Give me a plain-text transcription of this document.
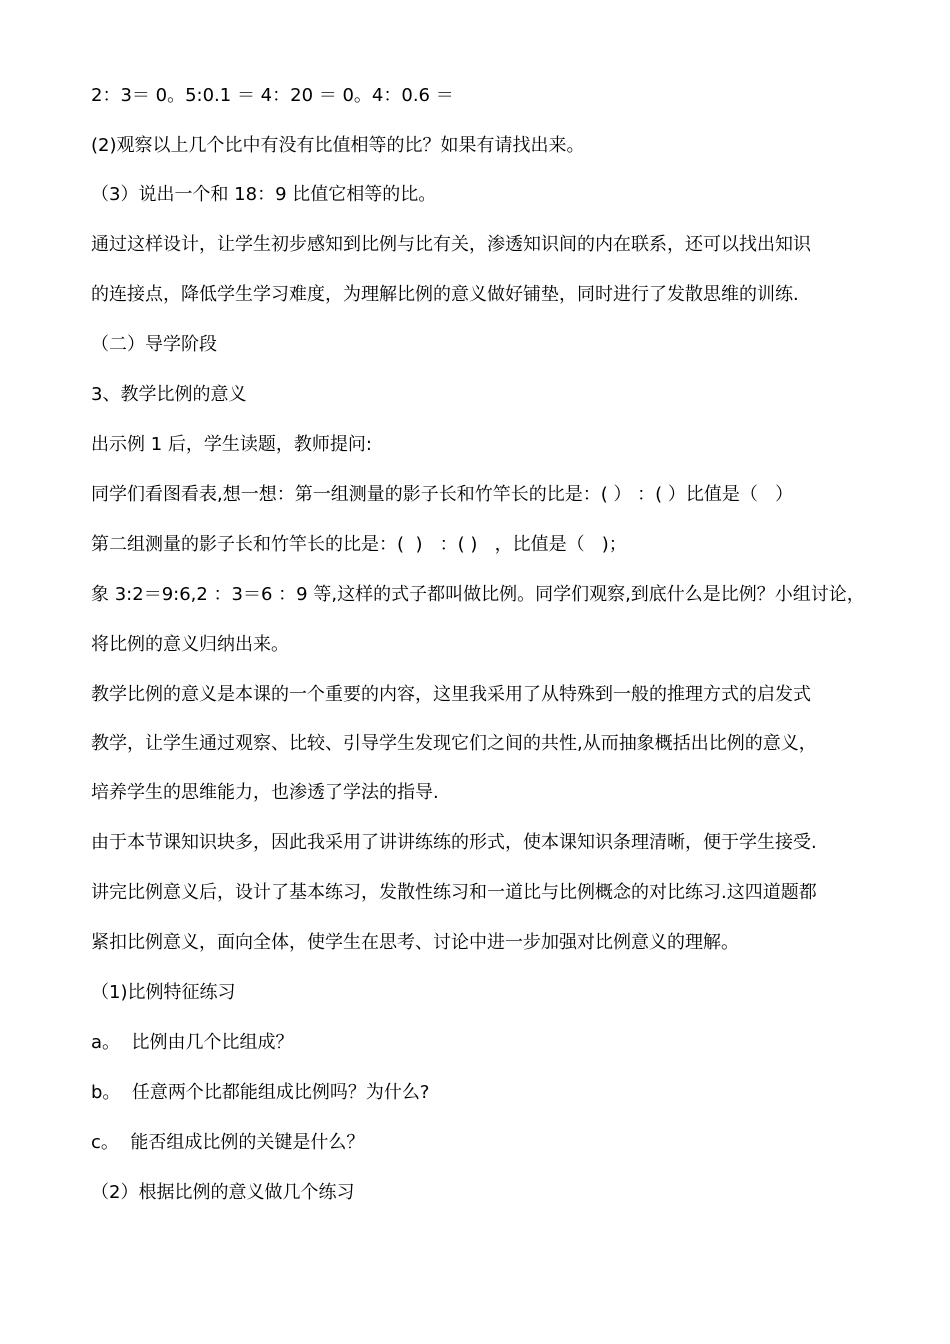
2：3＝ 0。5:0.1 ＝ 4：20 ＝ 0。4：0.6 ＝
(2)观察以上几个比中有没有比值相等的比？如果有请找出来。
（3）说出一个和 18：9 比值它相等的比。
通过这样设计，让学生初步感知到比例与比有关，渗透知识间的内在联系，还可以找出知识
的连接点，降低学生学习难度，为理解比例的意义做好铺垫，同时进行了发散思维的训练.
（二）导学阶段
3、教学比例的意义
出示例 1 后，学生读题，教师提问:
同学们看图看表,想一想：第一组测量的影子长和竹竿长的比是：( ） ：( ）比值是（   ）
第二组测量的影子长和竹竿长的比是：(  )   ：( )   ，比值是（   )；
象 3:2＝9:6,2 ：3＝6 ：9 等,这样的式子都叫做比例。同学们观察,到底什么是比例？小组讨论，
将比例的意义归纳出来。
教学比例的意义是本课的一个重要的内容，这里我采用了从特殊到一般的推理方式的启发式
教学，让学生通过观察、比较、引导学生发现它们之间的共性,从而抽象概括出比例的意义，
培养学生的思维能力，也渗透了学法的指导.
由于本节课知识块多，因此我采用了讲讲练练的形式，使本课知识条理清晰，便于学生接受.
讲完比例意义后，设计了基本练习，发散性练习和一道比与比例概念的对比练习.这四道题都
紧扣比例意义，面向全体，使学生在思考、讨论中进一步加强对比例意义的理解。
（1)比例特征练习
a。  比例由几个比组成？
b。  任意两个比都能组成比例吗？为什么?
c。  能否组成比例的关键是什么？
（2）根据比例的意义做几个练习
